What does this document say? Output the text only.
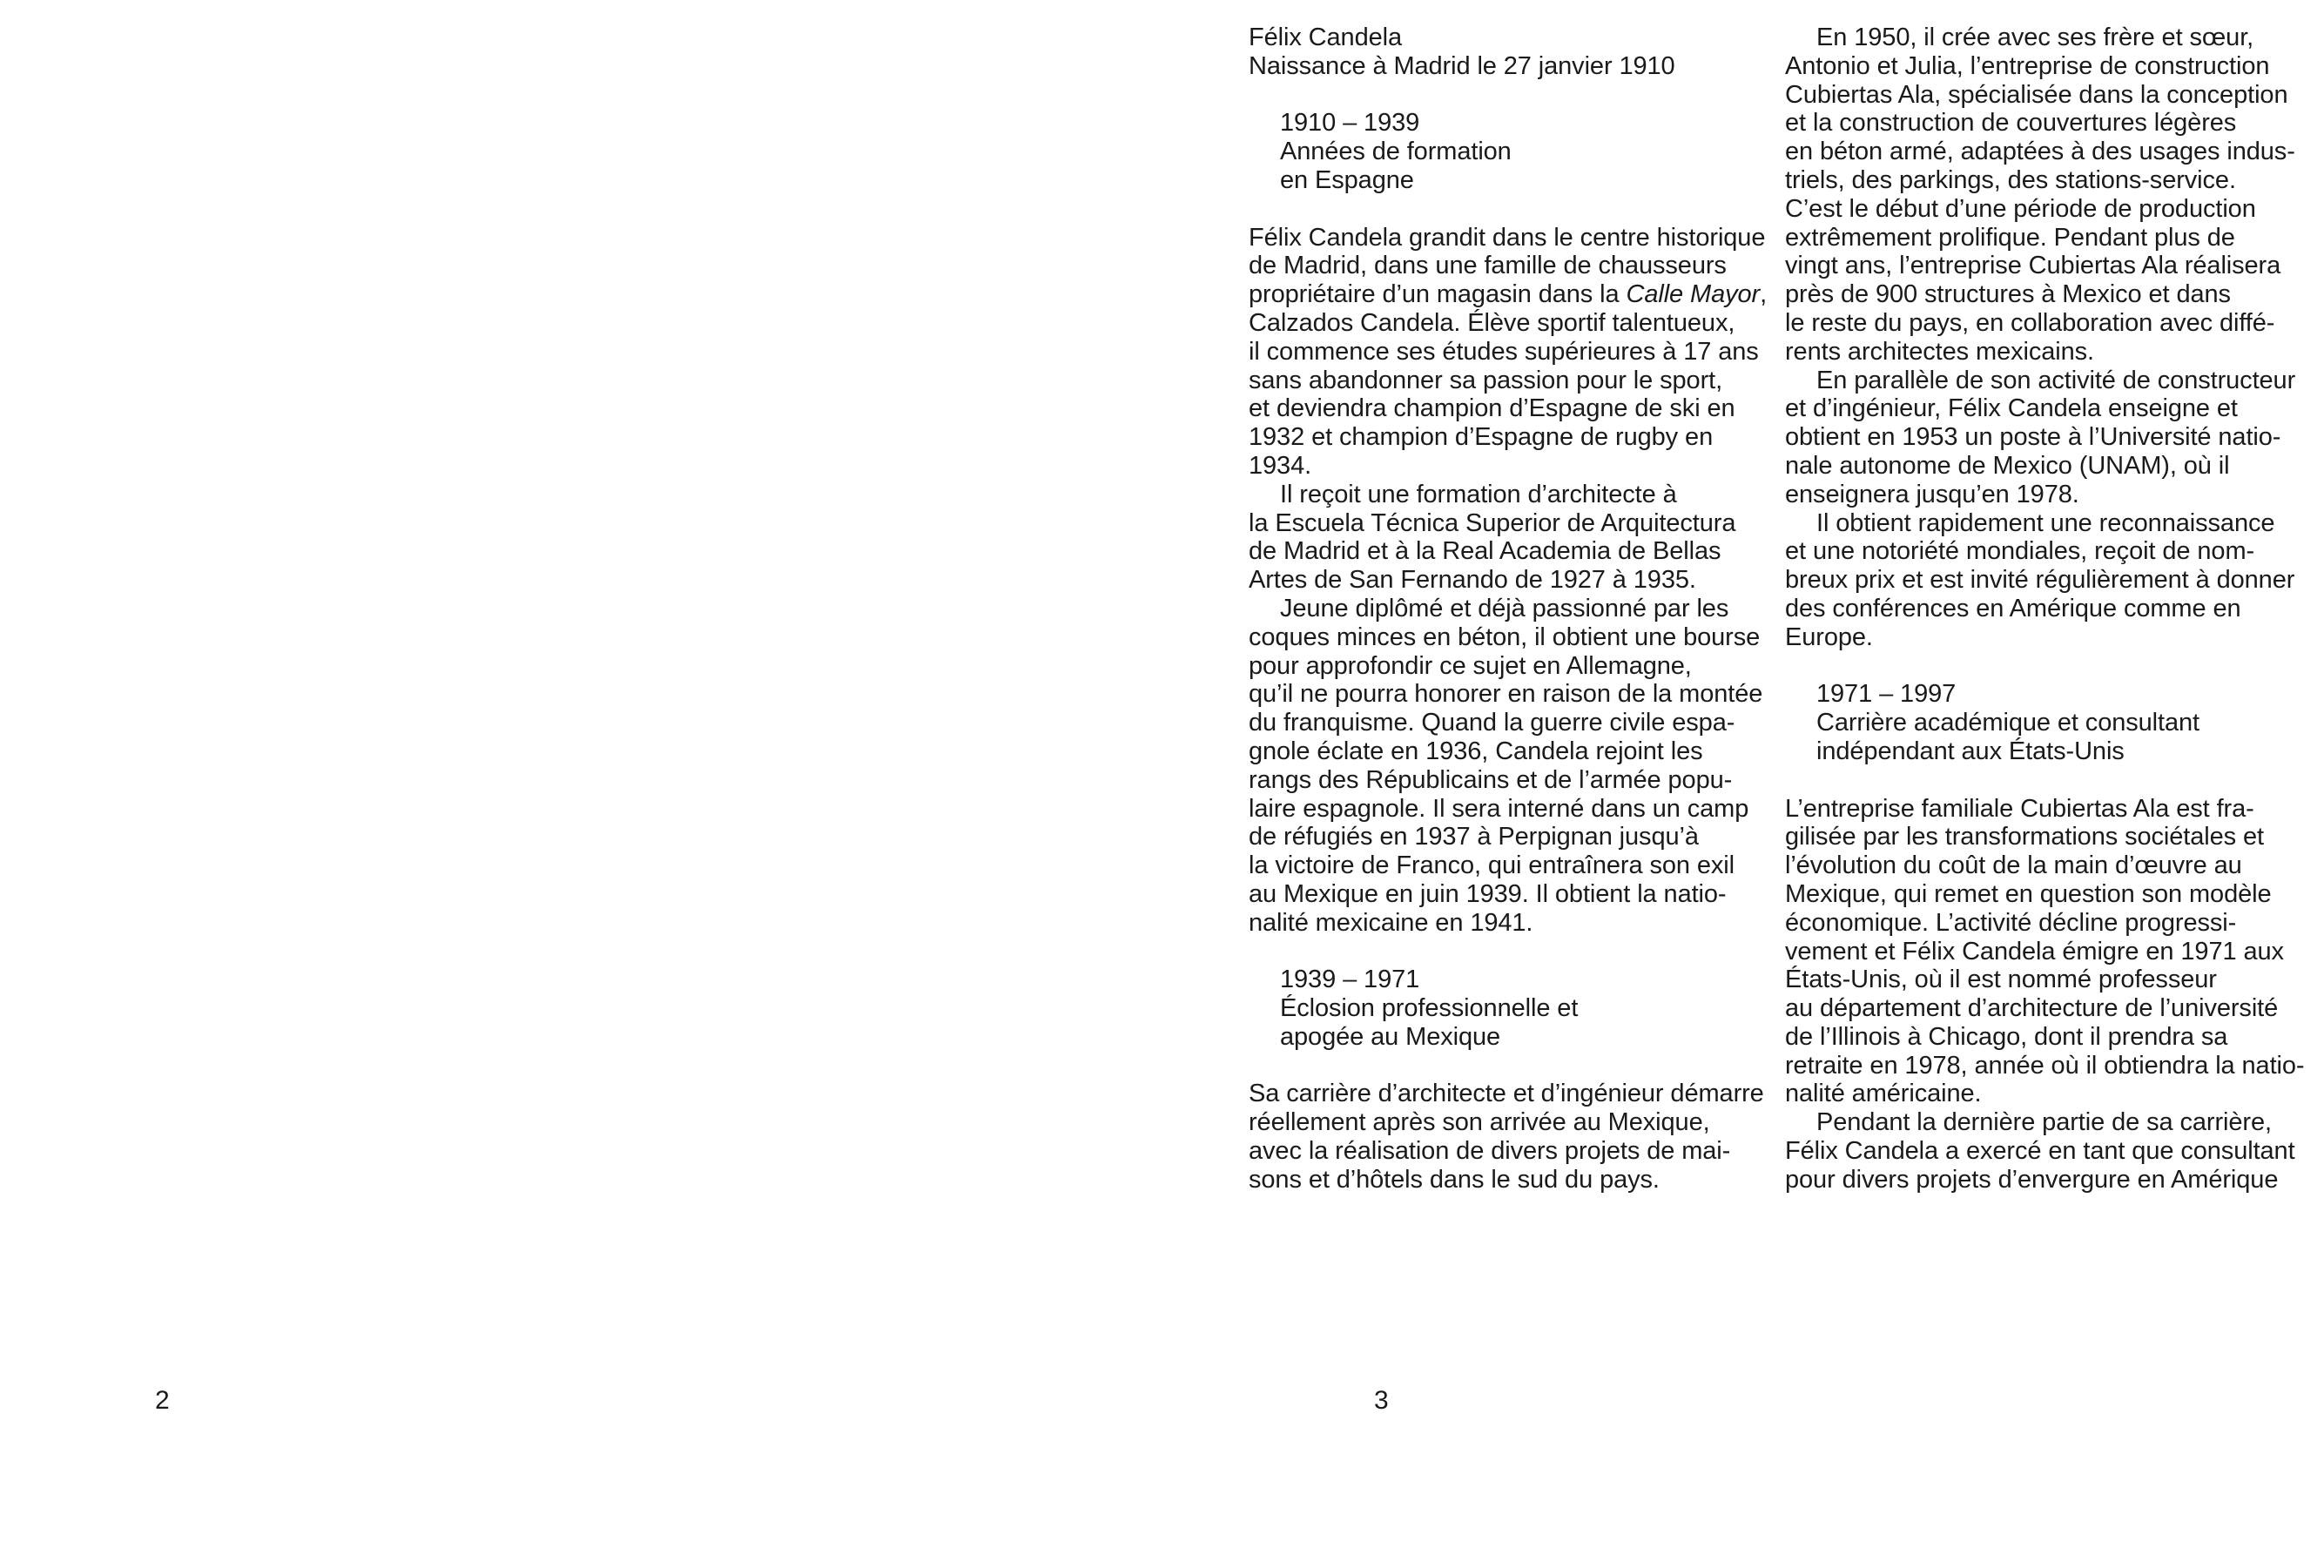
2	3
Félix Candela
Naissance à Madrid le 27 janvier 1910
1910 – 1939
Années de formation
en Espagne
Félix Candela grandit dans le centre historique
de Madrid, dans une famille de chausseurs
propriétaire d’un magasin dans la Calle Mayor,
Calzados Candela. Élève sportif talentueux,
il commence ses études supérieures à 17 ans
sans abandonner sa passion pour le sport,
et deviendra champion d’Espagne de ski en
1932 et champion d’Espagne de rugby en
1934.
Il reçoit une formation d’architecte à
la Escuela Técnica Superior de Arquitectura
de Madrid et à la Real Academia de Bellas
Artes de San Fernando de 1927 à 1935.
Jeune diplômé et déjà passionné par les
coques minces en béton, il obtient une bourse
pour approfondir ce sujet en Allemagne,
qu’il ne pourra honorer en raison de la montée
du franquisme. Quand la guerre civile espa-
gnole éclate en 1936, Candela rejoint les
rangs des Républicains et de l’armée popu-
laire espagnole. Il sera interné dans un camp
de réfugiés en 1937 à Perpignan jusqu’à
la victoire de Franco, qui entraînera son exil
au Mexique en juin 1939. Il obtient la natio-
nalité mexicaine en 1941.
1939 – 1971
Éclosion professionnelle et
apogée au Mexique
Sa carrière d’architecte et d’ingénieur démarre
réellement après son arrivée au Mexique,
avec la réalisation de divers projets de mai-
sons et d’hôtels dans le sud du pays.
En 1950, il crée avec ses frère et sœur,
Antonio et Julia, l’entreprise de construction
Cubiertas Ala, spécialisée dans la conception
et la construction de couvertures légères
en béton armé, adaptées à des usages indus-
triels, des parkings, des stations-service.
C’est le début d’une période de production
extrêmement prolifique. Pendant plus de
vingt ans, l’entreprise Cubiertas Ala réalisera
près de 900 structures à Mexico et dans
le reste du pays, en collaboration avec diffé-
rents architectes mexicains.
En parallèle de son activité de constructeur
et d’ingénieur, Félix Candela enseigne et
obtient en 1953 un poste à l’Université natio-
nale autonome de Mexico (UNAM), où il
enseignera jusqu’en 1978.
Il obtient rapidement une reconnaissance
et une notoriété mondiales, reçoit de nom-
breux prix et est invité régulièrement à donner
des conférences en Amérique comme en
Europe.
1971 – 1997
Carrière académique et consultant
indépendant aux États-Unis
L’entreprise familiale Cubiertas Ala est fra-
gilisée par les transformations sociétales et
l’évolution du coût de la main d’œuvre au
Mexique, qui remet en question son modèle
économique. L’activité décline progressi-
vement et Félix Candela émigre en 1971 aux
États-Unis, où il est nommé professeur
au département d’architecture de l’université
de l’Illinois à Chicago, dont il prendra sa
retraite en 1978, année où il obtiendra la natio-
nalité américaine.
Pendant la dernière partie de sa carrière,
Félix Candela a exercé en tant que consultant
pour divers projets d’envergure en Amérique
